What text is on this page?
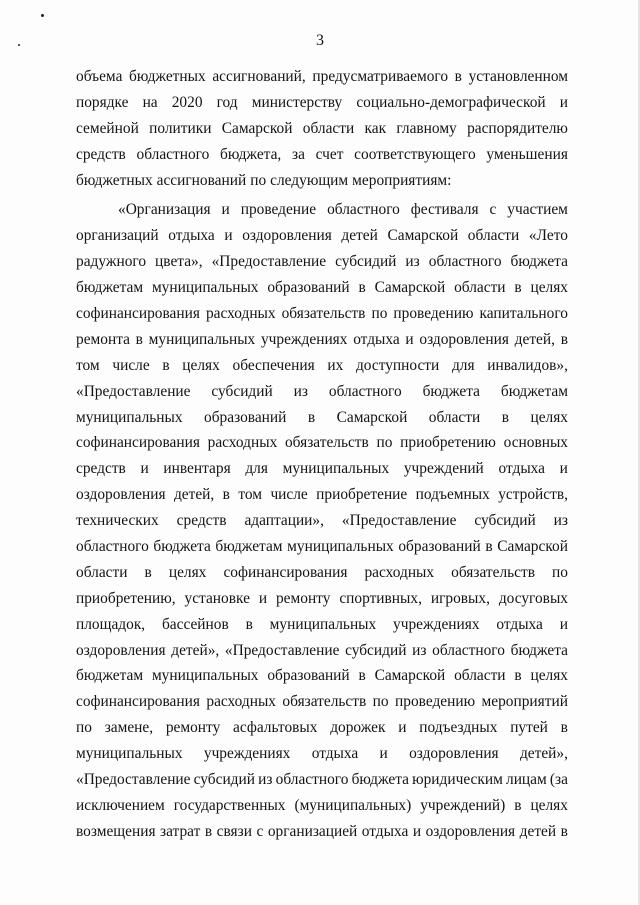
3
объема бюджетных ассигнований, предусматриваемого в установленном
порядке на 2020 год министерству социально-демографической и
семейной политики Самарской области как главному распорядителю
средств областного бюджета, за счет соответствующего уменьшения
бюджетных ассигнований по следующим мероприятиям:
«Организация и проведение областного фестиваля с участием
организаций отдыха и оздоровления детей Самарской области «Лето
радужного цвета», «Предоставление субсидий из областного бюджета
бюджетам муниципальных образований в Самарской области в целях
софинансирования расходных обязательств по проведению капитального
ремонта в муниципальных учреждениях отдыха и оздоровления детей, в
том числе в целях обеспечения их доступности для инвалидов»,
«Предоставление субсидий из областного бюджета бюджетам
муниципальных образований в Самарской области в целях
софинансирования расходных обязательств по приобретению основных
средств и инвентаря для муниципальных учреждений отдыха и
оздоровления детей, в том числе приобретение подъемных устройств,
технических средств адаптации», «Предоставление субсидий из
областного бюджета бюджетам муниципальных образований в Самарской
области в целях софинансирования расходных обязательств по
приобретению, установке и ремонту спортивных, игровых, досуговых
площадок, бассейнов в муниципальных учреждениях отдыха и
оздоровления детей», «Предоставление субсидий из областного бюджета
бюджетам муниципальных образований в Самарской области в целях
софинансирования расходных обязательств по проведению мероприятий
по замене, ремонту асфальтовых дорожек и подъездных путей в
муниципальных учреждениях отдыха и оздоровления детей»,
«Предоставление субсидий из областного бюджета юридическим лицам (за
исключением государственных (муниципальных) учреждений) в целях
возмещения затрат в связи с организацией отдыха и оздоровления детей в
